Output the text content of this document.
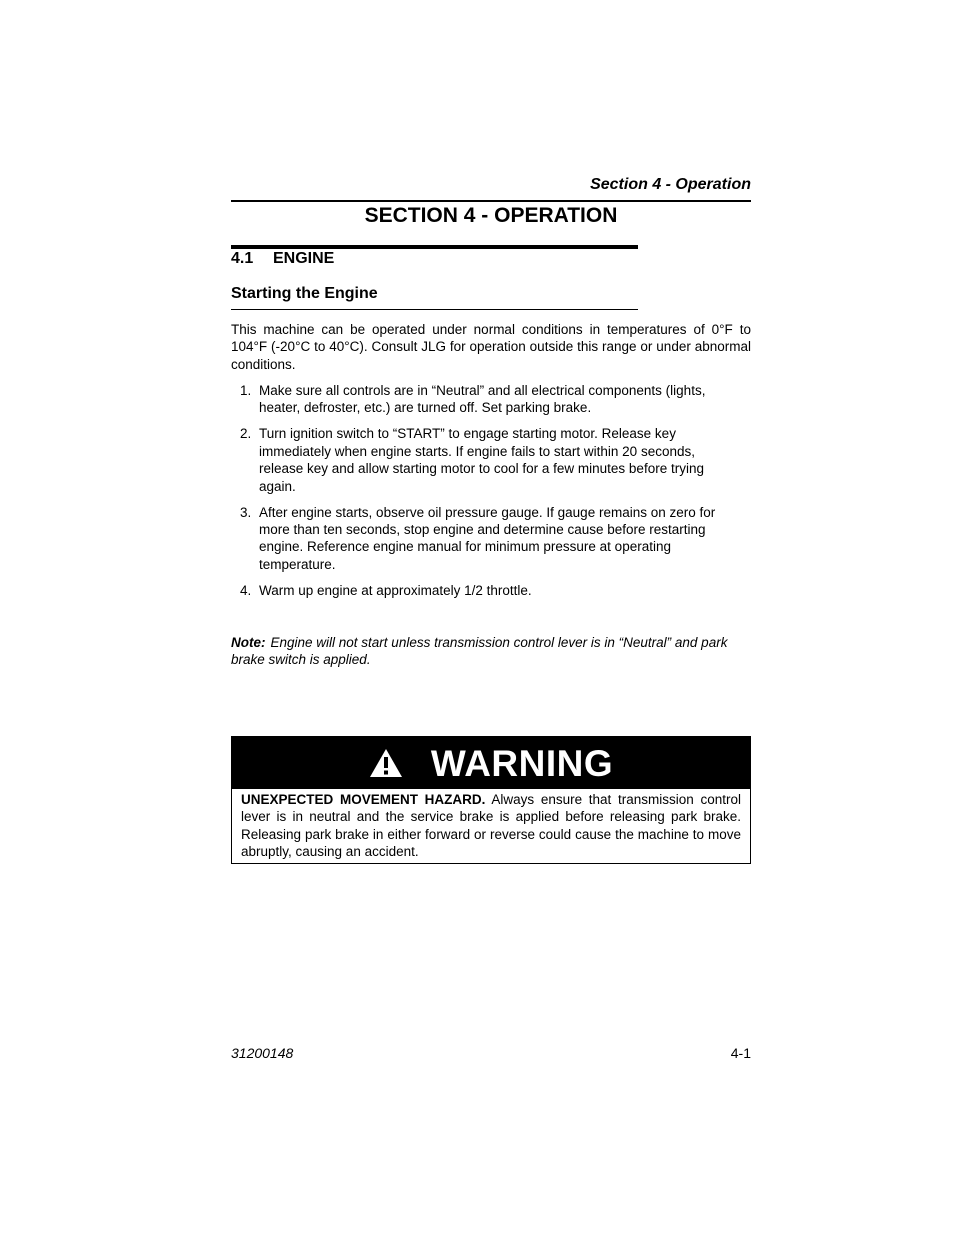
Section 4 - Operation
SECTION 4 - OPERATION
4.1 ENGINE
Starting the Engine

This machine can be operated under normal conditions in temperatures of 0°F to 104°F (-20°C to 40°C). Consult JLG for operation outside this range or under abnormal conditions.

1. Make sure all controls are in “Neutral” and all electrical components (lights, heater, defroster, etc.) are turned off. Set parking brake.
2. Turn ignition switch to “START” to engage starting motor. Release key immediately when engine starts. If engine fails to start within 20 seconds, release key and allow starting motor to cool for a few minutes before trying again.
3. After engine starts, observe oil pressure gauge. If gauge remains on zero for more than ten seconds, stop engine and determine cause before restarting engine. Reference engine manual for minimum pressure at operating temperature.
4. Warm up engine at approximately 1/2 throttle.

Note: Engine will not start unless transmission control lever is in “Neutral” and park brake switch is applied.

WARNING

UNEXPECTED MOVEMENT HAZARD. Always ensure that transmission control lever is in neutral and the service brake is applied before releasing park brake. Releasing park brake in either forward or reverse could cause the machine to move abruptly, causing an accident.

31200148	4-1
